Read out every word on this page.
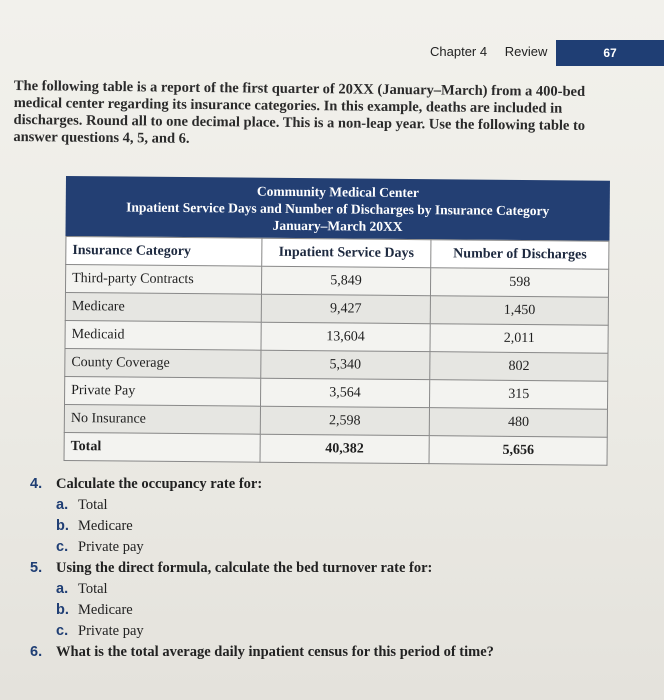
Chapter 4 Review	67
The following table is a report of the first quarter of 20XX (January–March) from a 400-bed medical center regarding its insurance categories. In this example, deaths are included in discharges. Round all to one decimal place. This is a non-leap year. Use the following table to answer questions 4, 5, and 6.
Community Medical Center
Inpatient Service Days and Number of Discharges by Insurance Category
January–March 20XX
Insurance Category	Inpatient Service Days	Number of Discharges
Third-party Contracts	5,849	598
Medicare	9,427	1,450
Medicaid	13,604	2,011
County Coverage	5,340	802
Private Pay	3,564	315
No Insurance	2,598	480
Total	40,382	5,656
4. Calculate the occupancy rate for:
a. Total
b. Medicare
c. Private pay
5. Using the direct formula, calculate the bed turnover rate for:
a. Total
b. Medicare
c. Private pay
6. What is the total average daily inpatient census for this period of time?
